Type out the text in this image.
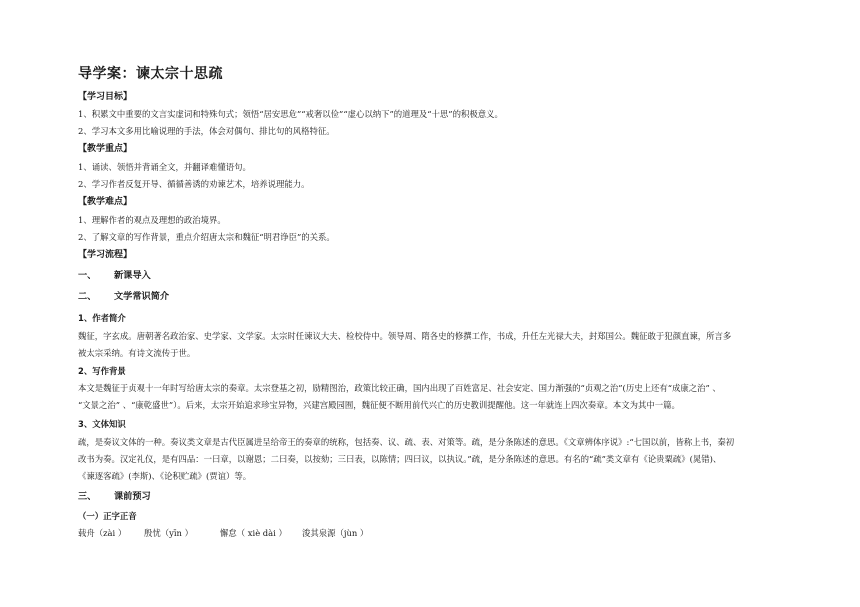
导学案：谏太宗十思疏
【学习目标】
1、积累文中重要的文言实虚词和特殊句式；领悟“居安思危”“戒奢以俭”“虚心以纳下”的道理及“十思”的积极意义。
2、学习本文多用比喻说理的手法，体会对偶句、排比句的风格特征。
【教学重点】
1、诵读、领悟并背诵全文，并翻译难懂语句。
2、学习作者反复开导、循循善诱的劝谏艺术，培养说理能力。
【教学难点】
1、理解作者的观点及理想的政治境界。
2、了解文章的写作背景，重点介绍唐太宗和魏征“明君诤臣”的关系。
【学习流程】
一、 新课导入
二、 文学常识简介
1、作者简介
魏征，字玄成。唐朝著名政治家、史学家、文学家。太宗时任谏议大夫、检校侍中。领导周、隋各史的修撰工作，书成，升任左光禄大夫，封郑国公。魏征敢于犯颜直谏，所言多
被太宗采纳。有诗文流传于世。
2、写作背景
本文是魏征于贞观十一年时写给唐太宗的奏章。太宗登基之初，励精图治，政策比较正确，国内出现了百姓富足、社会安定、国力渐强的“贞观之治”(历史上还有“成康之治” 、
“文景之治” 、“康乾盛世”）。后来，太宗开始追求珍宝异物，兴建宫殿园囿，魏征便不断用前代兴亡的历史教训提醒他。这一年就连上四次奏章。本文为其中一篇。
3、文体知识
疏，是奏议文体的一种。奏议类文章是古代臣属进呈给帝王的奏章的统称，包括奏、议、疏、表、对策等。疏，是分条陈述的意思。《文章辨体序说》:“七国以前，皆称上书，秦初
改书为奏。汉定礼仪，是有四品：一曰章，以谢恩；二曰奏，以按劾；三曰表，以陈情；四曰议，以执议。”疏，是分条陈述的意思。有名的“疏”类文章有《论贵粟疏》(晁错)、
《谏逐客疏》(李斯)、《论积贮疏》(贾谊）等。
三、 课前预习
（一）正字正音
载舟（zài ） 殷忧（yīn ）	懈怠（ xiè dài ） 浚其泉源（jùn ）
